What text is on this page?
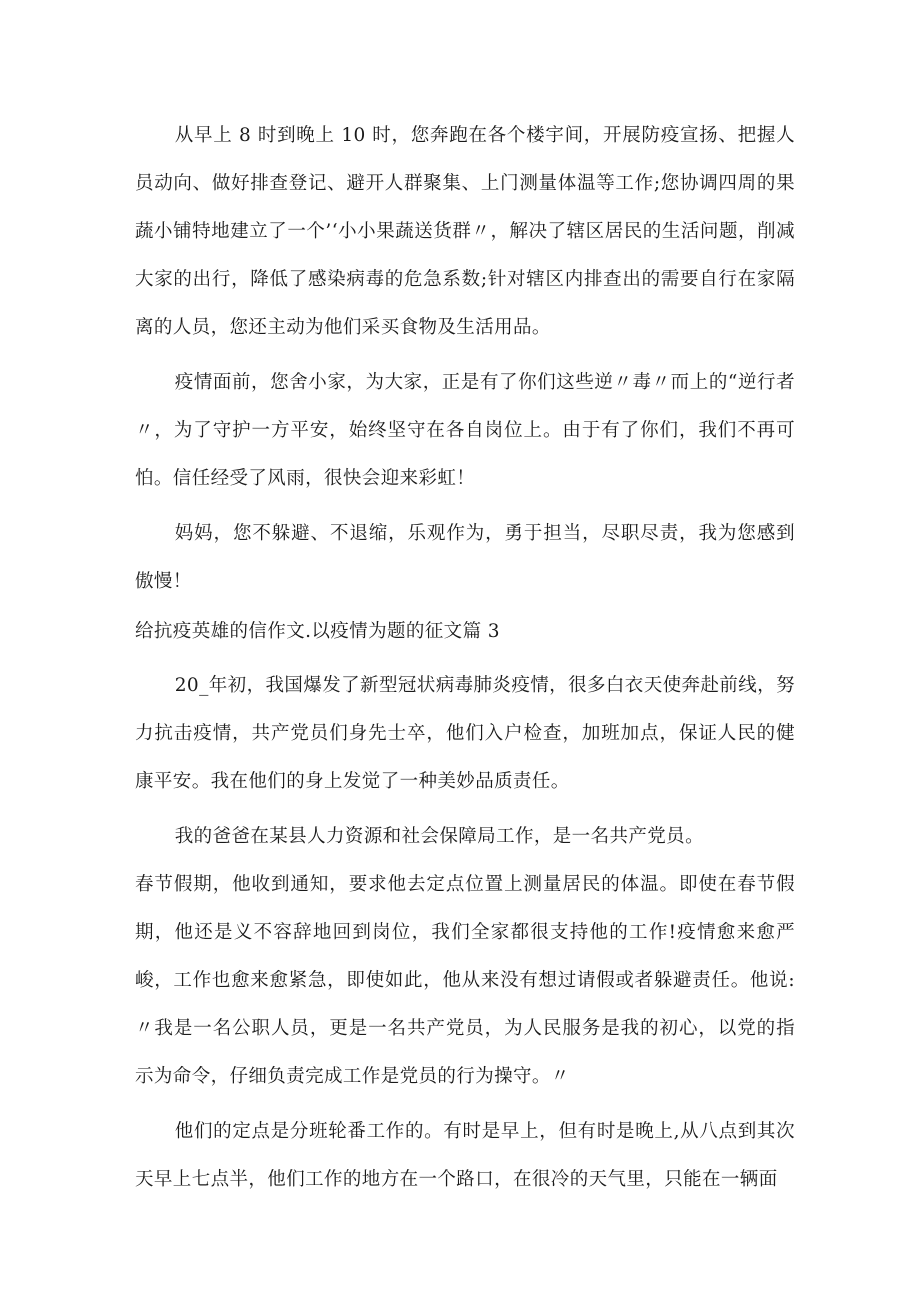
从早上 8 时到晚上 10 时，您奔跑在各个楼宇间，开展防疫宣扬、把握人员动向、做好排查登记、避开人群聚集、上门测量体温等工作;您协调四周的果蔬小铺特地建立了一个’‘小小果蔬送货群〃，解决了辖区居民的生活问题，削减大家的出行，降低了感染病毒的危急系数;针对辖区内排查出的需要自行在家隔离的人员，您还主动为他们采买食物及生活用品。

疫情面前，您舍小家，为大家，正是有了你们这些逆〃毒〃而上的“逆行者〃，为了守护一方平安，始终坚守在各自岗位上。由于有了你们，我们不再可怕。信任经受了风雨，很快会迎来彩虹！

妈妈，您不躲避、不退缩，乐观作为，勇于担当，尽职尽责，我为您感到傲慢！

给抗疫英雄的信作文.以疫情为题的征文篇 3

20_年初，我国爆发了新型冠状病毒肺炎疫情，很多白衣天使奔赴前线，努力抗击疫情，共产党员们身先士卒，他们入户检查，加班加点，保证人民的健康平安。我在他们的身上发觉了一种美妙品质责任。

我的爸爸在某县人力资源和社会保障局工作，是一名共产党员。

春节假期，他收到通知，要求他去定点位置上测量居民的体温。即使在春节假期，他还是义不容辞地回到岗位，我们全家都很支持他的工作!疫情愈来愈严峻，工作也愈来愈紧急，即使如此，他从来没有想过请假或者躲避责任。他说:〃我是一名公职人员，更是一名共产党员，为人民服务是我的初心，以党的指示为命令，仔细负责完成工作是党员的行为操守。〃

他们的定点是分班轮番工作的。有时是早上，但有时是晚上,从八点到其次天早上七点半，他们工作的地方在一个路口，在很冷的天气里，只能在一辆面
